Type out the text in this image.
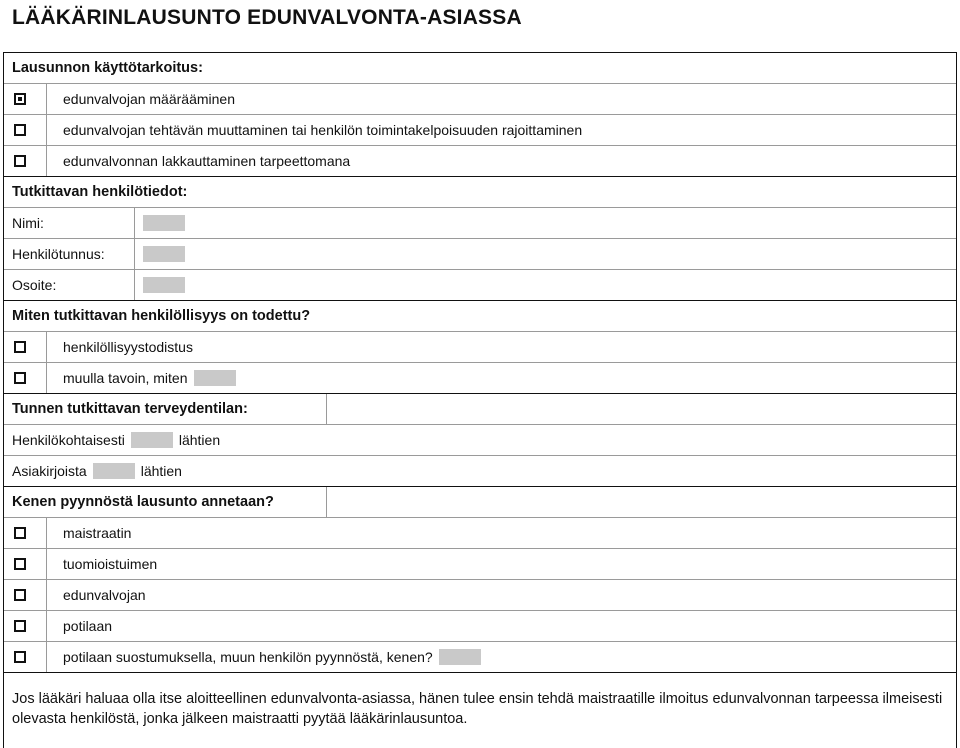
LÄÄKÄRINLAUSUNTO EDUNVALVONTA-ASIASSA
Lausunnon käyttötarkoitus:
edunvalvojan määrääminen
edunvalvojan tehtävän muuttaminen tai henkilön toimintakelpoisuuden rajoittaminen
edunvalvonnan lakkauttaminen tarpeettomana
Tutkittavan henkilötiedot:
Nimi:
Henkilötunnus:
Osoite:
Miten tutkittavan henkilöllisyys on todettu?
henkilöllisyystodistus
muulla tavoin, miten
Tunnen tutkittavan terveydentilan:
Henkilökohtaisesti	lähtien
Asiakirjoista	lähtien
Kenen pyynnöstä lausunto annetaan?
maistraatin
tuomioistuimen
edunvalvojan
potilaan
potilaan suostumuksella, muun henkilön pyynnöstä, kenen?
Jos lääkäri haluaa olla itse aloitteellinen edunvalvonta-asiassa, hänen tulee ensin tehdä maistraatille ilmoitus edunvalvonnan tarpeessa ilmeisesti olevasta henkilöstä, jonka jälkeen maistraatti pyytää lääkärinlausuntoa.
